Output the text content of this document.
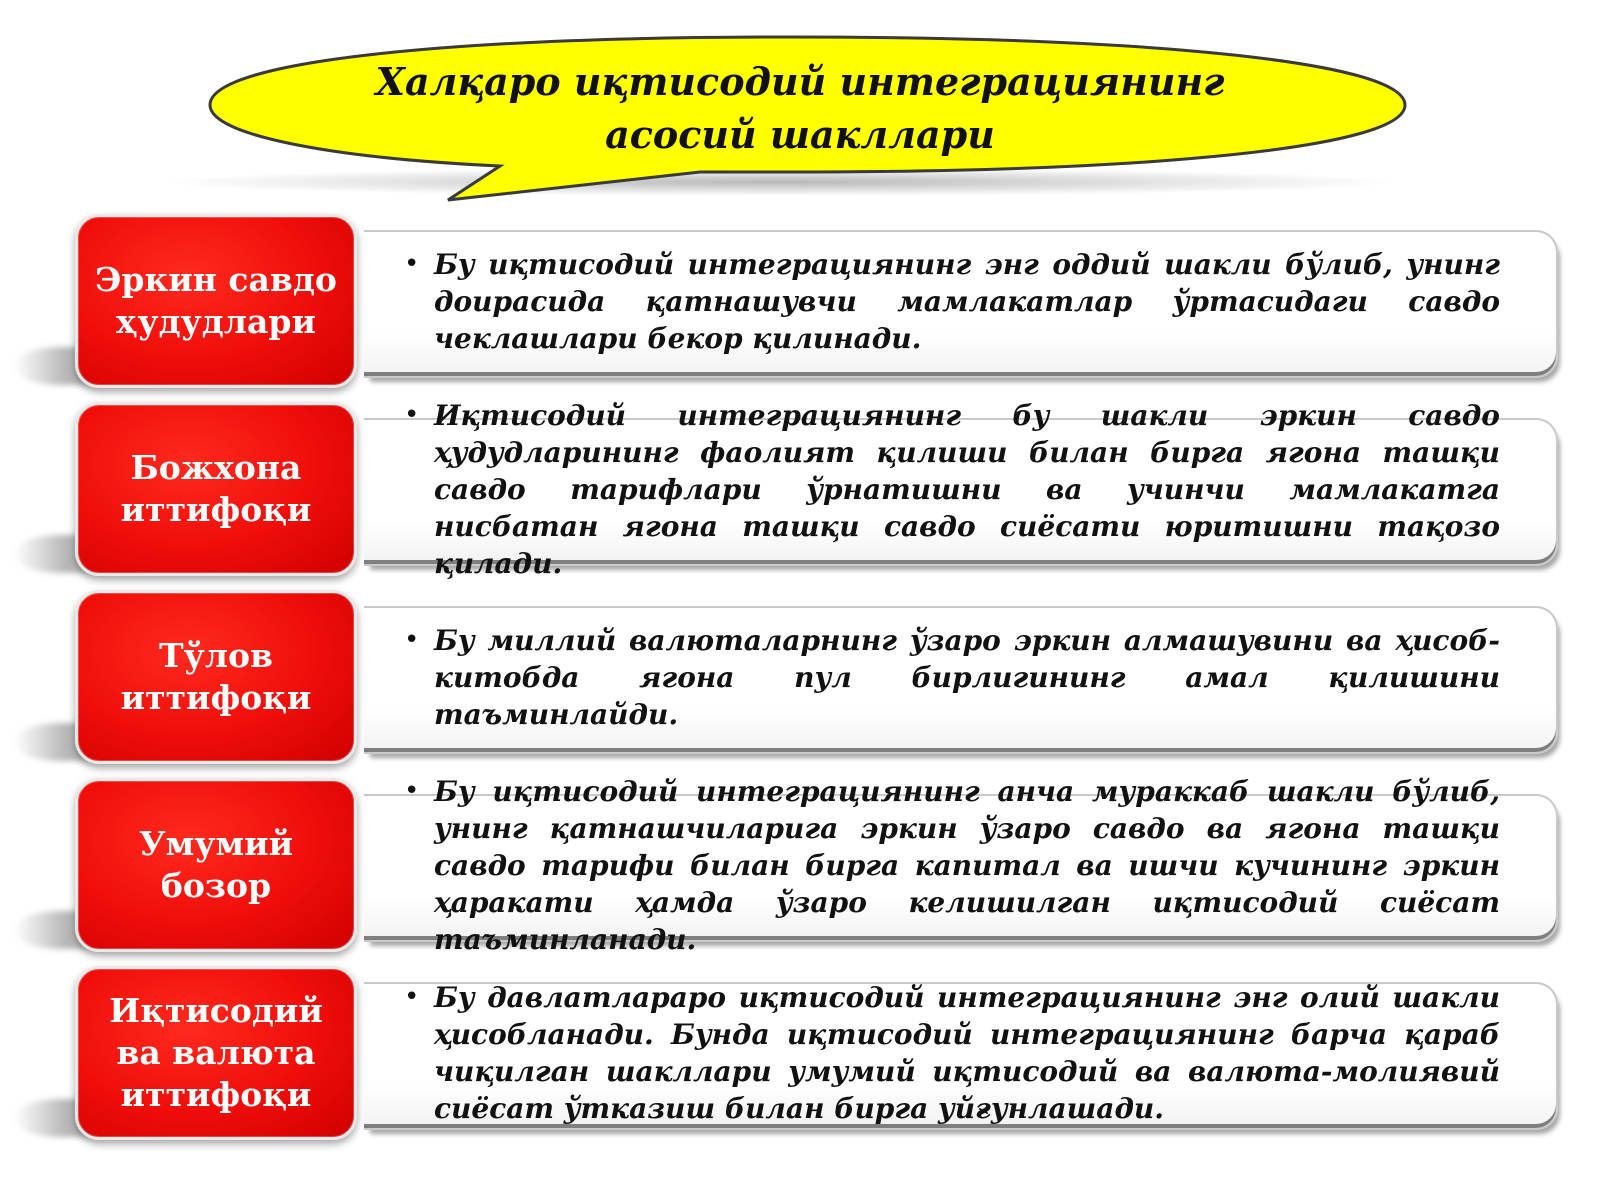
Халқаро иқтисодий интеграциянинг
асосий шакллари
• Бу иқтисодий интеграциянинг энг оддий шакли бўлиб, унинг доирасида қатнашувчи мамлакатлар ўртасидаги савдо чеклашлари бекор қилинади.
Эркин савдо
ҳудудлари
• Иқтисодий интеграциянинг бу шакли эркин савдо ҳудудларининг фаолият қилиши билан бирга ягона ташқи савдо тарифлари ўрнатишни ва учинчи мамлакатга нисбатан ягона ташқи савдо сиёсати юритишни тақозо қилади.
Божхона
иттифоқи
• Бу миллий валюталарнинг ўзаро эркин алмашувини ва ҳисоб-китобда ягона пул бирлигининг амал қилишини таъминлайди.
Тўлов
иттифоқи
• Бу иқтисодий интеграциянинг анча мураккаб шакли бўлиб, унинг қатнашчиларига эркин ўзаро савдо ва ягона ташқи савдо тарифи билан бирга капитал ва ишчи кучининг эркин ҳаракати ҳамда ўзаро келишилган иқтисодий сиёсат таъминланади.
Умумий
бозор
• Бу давлатлараро иқтисодий интеграциянинг энг олий шакли ҳисобланади. Бунда иқтисодий интеграциянинг барча қараб чиқилган шакллари умумий иқтисодий ва валюта-молиявий сиёсат ўтказиш билан бирга уйғунлашади.
Иқтисодий
ва валюта
иттифоқи
